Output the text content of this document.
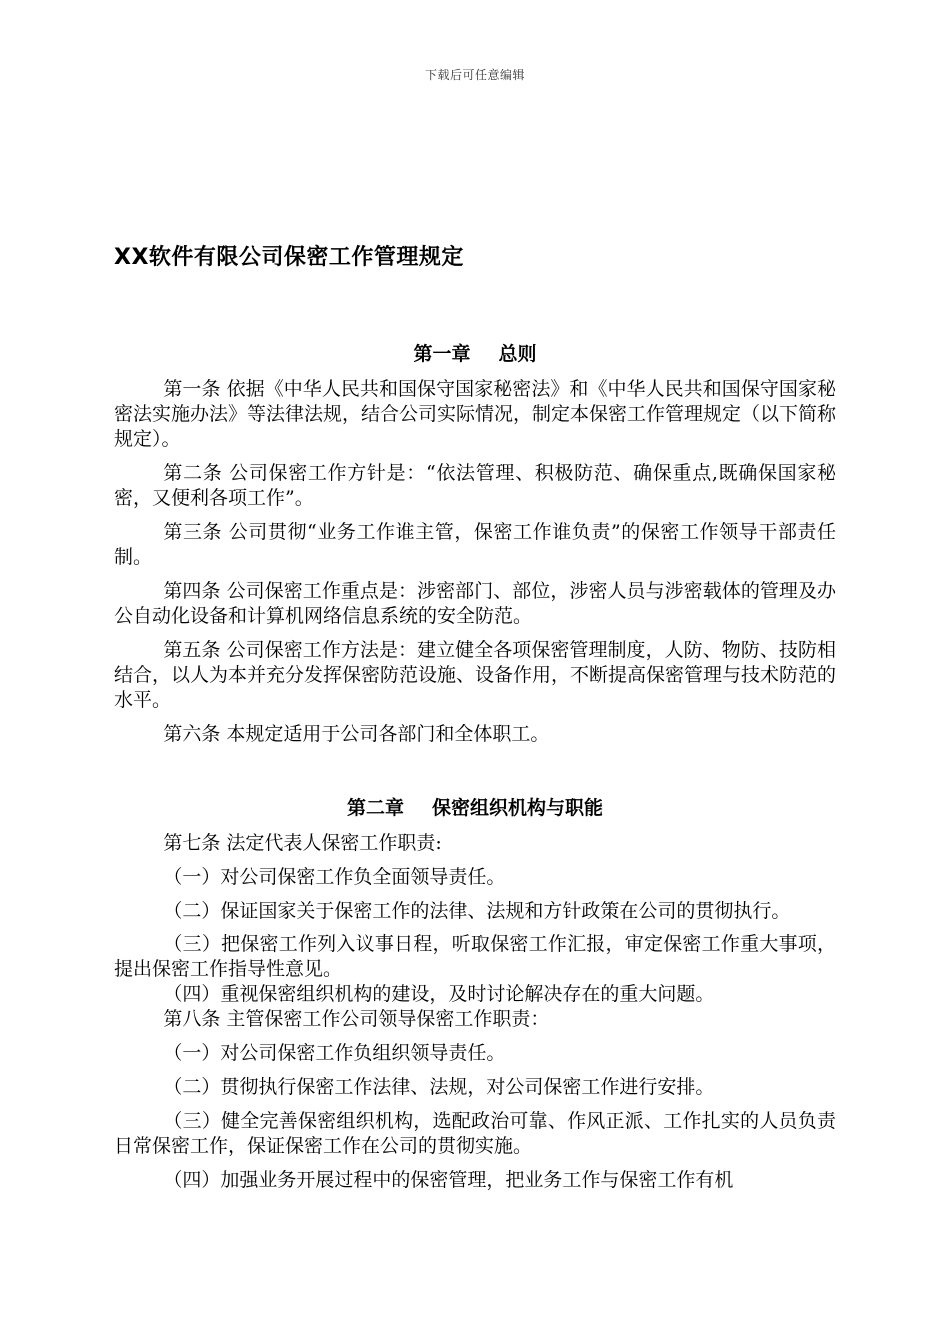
下载后可任意编辑
XX软件有限公司保密工作管理规定
第一章 总则

第一条 依据《中华人民共和国保守国家秘密法》和《中华人民共和国保守国家秘密法实施办法》等法律法规，结合公司实际情况，制定本保密工作管理规定（以下简称规定）。

第二条 公司保密工作方针是：“依法管理、积极防范、确保重点,既确保国家秘密，又便利各项工作”。

第三条 公司贯彻“业务工作谁主管，保密工作谁负责”的保密工作领导干部责任制。

第四条 公司保密工作重点是：涉密部门、部位，涉密人员与涉密载体的管理及办公自动化设备和计算机网络信息系统的安全防范。

第五条 公司保密工作方法是：建立健全各项保密管理制度，人防、物防、技防相结合，以人为本并充分发挥保密防范设施、设备作用，不断提高保密管理与技术防范的水平。

第六条 本规定适用于公司各部门和全体职工。

第二章 保密组织机构与职能

第七条 法定代表人保密工作职责:

（一）对公司保密工作负全面领导责任。

（二）保证国家关于保密工作的法律、法规和方针政策在公司的贯彻执行。

（三）把保密工作列入议事日程，听取保密工作汇报，审定保密工作重大事项，提出保密工作指导性意见。

（四）重视保密组织机构的建设，及时讨论解决存在的重大问题。

第八条 主管保密工作公司领导保密工作职责：

（一）对公司保密工作负组织领导责任。

（二）贯彻执行保密工作法律、法规，对公司保密工作进行安排。

（三）健全完善保密组织机构，选配政治可靠、作风正派、工作扎实的人员负责日常保密工作，保证保密工作在公司的贯彻实施。

（四）加强业务开展过程中的保密管理，把业务工作与保密工作有机
